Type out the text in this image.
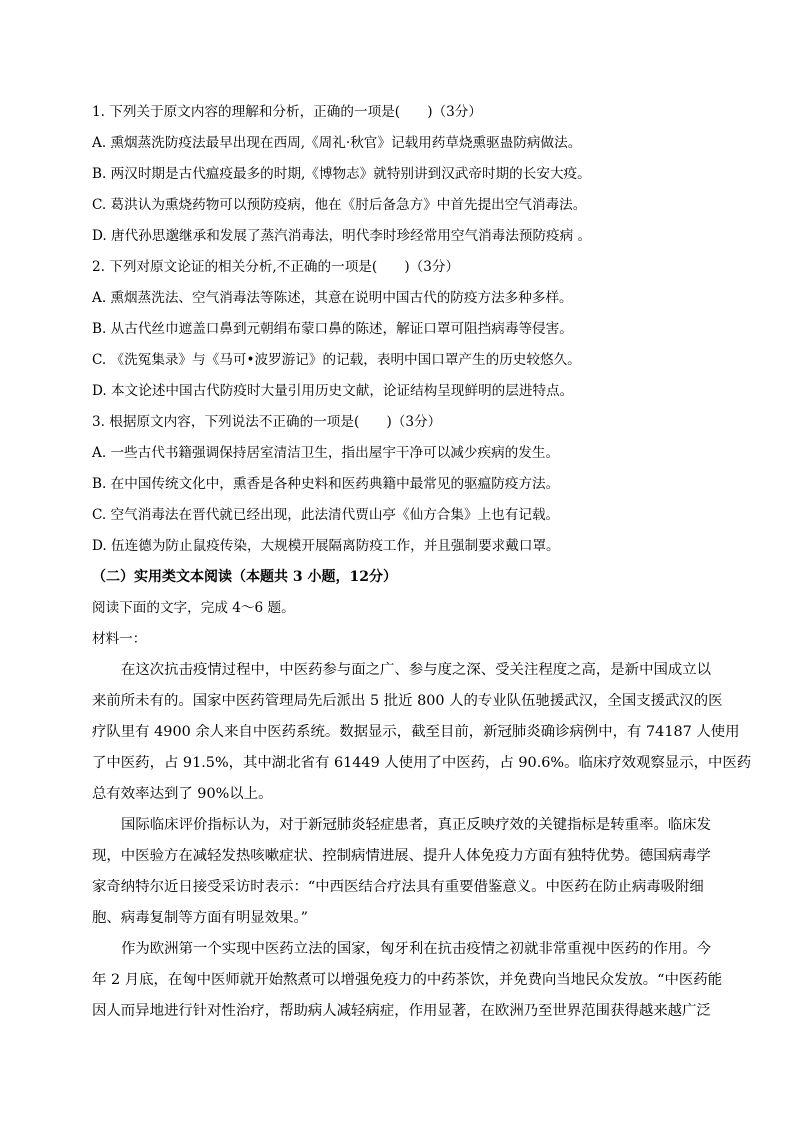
1. 下列关于原文内容的理解和分析，正确的一项是(　　)（3分）
A. 熏烟蒸洗防疫法最早出现在西周,《周礼·秋官》记载用药草烧熏驱蛊防病做法。
B. 两汉时期是古代瘟疫最多的时期,《博物志》就特别讲到汉武帝时期的长安大疫。
C. 葛洪认为熏烧药物可以预防疫病，他在《肘后备急方》中首先提出空气消毒法。
D. 唐代孙思邈继承和发展了蒸汽消毒法，明代李时珍经常用空气消毒法预防疫病 。
2. 下列对原文论证的相关分析,不正确的一项是(　　)（3分）
A. 熏烟蒸洗法、空气消毒法等陈述，其意在说明中国古代的防疫方法多种多样。
B. 从古代丝巾遮盖口鼻到元朝绢布蒙口鼻的陈述，解证口罩可阻挡病毒等侵害。
C. 《洗冤集录》与《马可•波罗游记》的记载，表明中国口罩产生的历史较悠久。
D. 本文论述中国古代防疫时大量引用历史文献，论证结构呈现鲜明的层进特点。
3. 根据原文内容，下列说法不正确的一项是(　　)（3分）
A. 一些古代书籍强调保持居室清洁卫生，指出屋宇干净可以减少疾病的发生。
B. 在中国传统文化中，熏香是各种史料和医药典籍中最常见的驱瘟防疫方法。
C. 空气消毒法在晋代就已经出现，此法清代贾山亭《仙方合集》上也有记载。
D. 伍连德为防止鼠疫传染，大规模开展隔离防疫工作，并且强制要求戴口罩。
（二）实用类文本阅读（本题共 3 小题，12分）
阅读下面的文字，完成 4～6 题。
材料一：
在这次抗击疫情过程中，中医药参与面之广、参与度之深、受关注程度之高，是新中国成立以
来前所未有的。国家中医药管理局先后派出 5 批近 800 人的专业队伍驰援武汉，全国支援武汉的医
疗队里有 4900 余人来自中医药系统。数据显示，截至目前，新冠肺炎确诊病例中，有 74187 人使用
了中医药，占 91.5%，其中湖北省有 61449 人使用了中医药，占 90.6%。临床疗效观察显示，中医药
总有效率达到了 90%以上。
国际临床评价指标认为，对于新冠肺炎轻症患者，真正反映疗效的关键指标是转重率。临床发
现，中医验方在减轻发热咳嗽症状、控制病情进展、提升人体免疫力方面有独特优势。德国病毒学
家奇纳特尔近日接受采访时表示：“中西医结合疗法具有重要借鉴意义。中医药在防止病毒吸附细
胞、病毒复制等方面有明显效果。”
作为欧洲第一个实现中医药立法的国家，匈牙利在抗击疫情之初就非常重视中医药的作用。今
年 2 月底，在匈中医师就开始熬煮可以增强免疫力的中药茶饮，并免费向当地民众发放。“中医药能
因人而异地进行针对性治疗，帮助病人减轻病症，作用显著，在欧洲乃至世界范围获得越来越广泛
